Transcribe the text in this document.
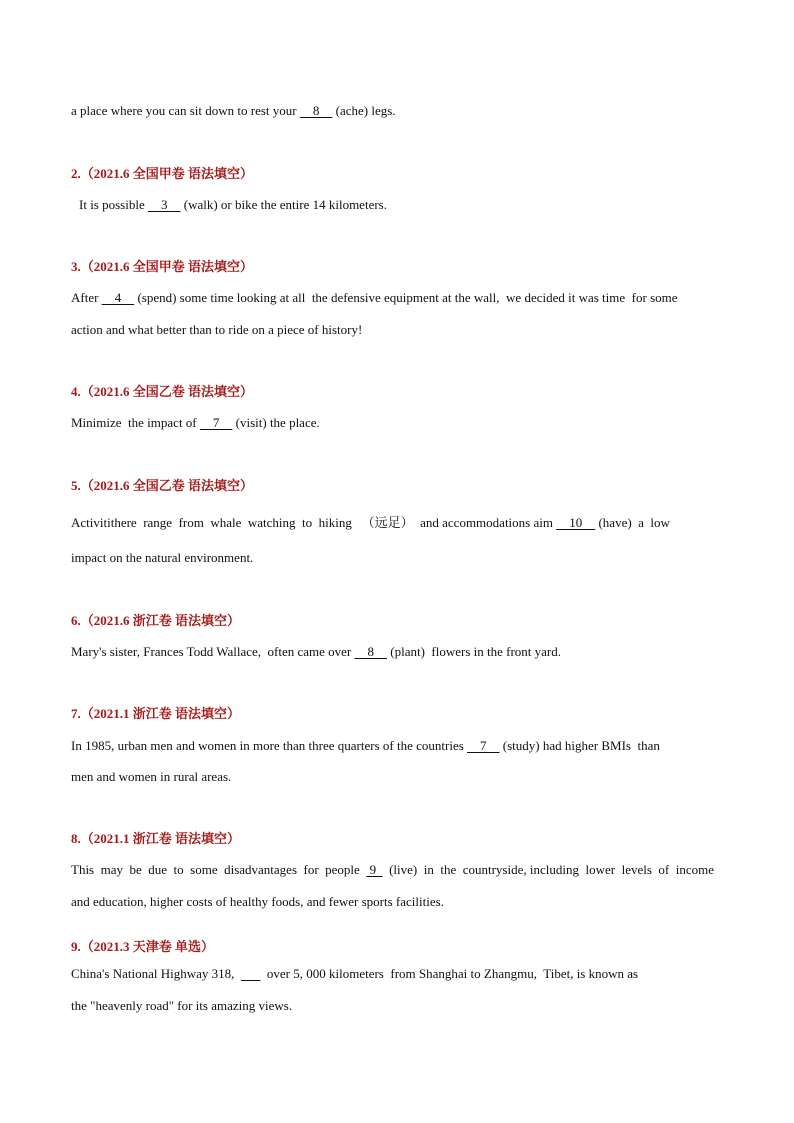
a place where you can sit down to rest your     8     (ache) legs.
2.（2021.6 全国甲卷 语法填空）
It is possible     3     (walk) or bike the entire 14 kilometers.
3.（2021.6 全国甲卷 语法填空）
After     4     (spend) some time looking at all  the defensive equipment at the wall,  we decided it was time  for some
action and what better than to ride on a piece of history!
4.（2021.6 全国乙卷 语法填空）
Minimize  the impact of     7     (visit) the place.
5.（2021.6 全国乙卷 语法填空）
Activitithere  range  from  whale  watching  to  hiking   （远足）  and accommodations aim     10     (have)  a  low
impact on the natural environment.
6.（2021.6 浙江卷 语法填空）
Mary's sister, Frances Todd Wallace,  often came over     8     (plant)  flowers in the front yard.
7.（2021.1 浙江卷 语法填空）
In 1985, urban men and women in more than three quarters of the countries     7     (study) had higher BMIs  than
men and women in rural areas.
8.（2021.1 浙江卷 语法填空）
This  may  be  due  to  some  disadvantages  for  people   9    (live)  in  the  countryside, including  lower  levels  of  income
and education, higher costs of healthy foods, and fewer sports facilities.
9.（2021.3 天津卷 单选）
China's National Highway 318,          over 5, 000 kilometers  from Shanghai to Zhangmu,  Tibet, is known as
the "heavenly road" for its amazing views.
